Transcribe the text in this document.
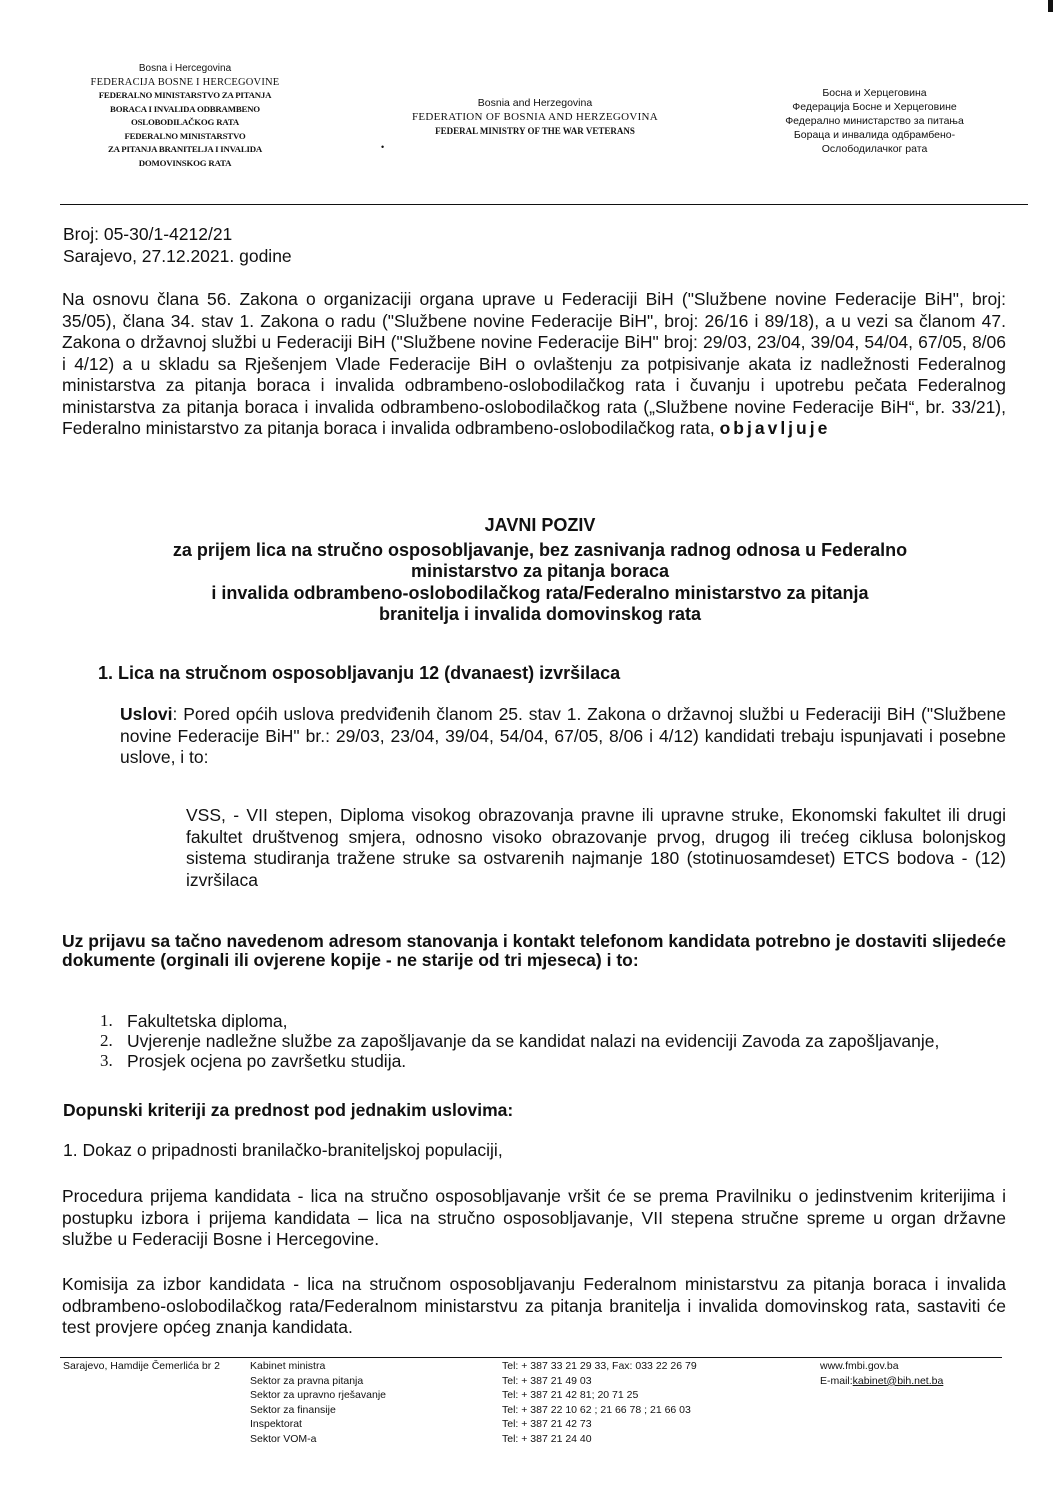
Bosna i Hercegovina
FEDERACIJA BOSNE I HERCEGOVINE
FEDERALNO MINISTARSTVO ZA PITANJA
BORACA I INVALIDA ODBRAMBENO
OSLOBODILAČKOG RATA
FEDERALNO MINISTARSTVO
ZA PITANJA BRANITELJA I INVALIDA
DOMOVINSKOG RATA
Bosnia and Herzegovina
FEDERATION OF BOSNIA AND HERZEGOVINA
FEDERAL MINISTRY OF THE WAR VETERANS
•
Босна и Херцеговина
Федерација Босне и Херцеговине
Федерално министарство за питања
Бораца и инвалида одбрамбено-
Ослободилачког рата
Broj: 05-30/1-4212/21
Sarajevo, 27.12.2021. godine
Na osnovu člana 56. Zakona o organizaciji organa uprave u Federaciji BiH ("Službene novine Federacije BiH", broj: 35/05), člana 34. stav 1. Zakona o radu ("Službene novine Federacije BiH", broj: 26/16 i 89/18), a u vezi sa članom 47. Zakona o državnoj službi u Federaciji BiH ("Službene novine Federacije BiH" broj: 29/03, 23/04, 39/04, 54/04, 67/05, 8/06 i 4/12) a u skladu sa Rješenjem Vlade Federacije BiH o ovlaštenju za potpisivanje akata iz nadležnosti Federalnog ministarstva za pitanja boraca i invalida odbrambeno-oslobodilačkog rata i čuvanju i upotrebu pečata Federalnog ministarstva za pitanja boraca i invalida odbrambeno-oslobodilačkog rata („Službene novine Federacije BiH“, br. 33/21), Federalno ministarstvo za pitanja boraca i invalida odbrambeno-oslobodilačkog rata, objavljuje
JAVNI POZIV
za prijem lica na stručno osposobljavanje, bez zasnivanja radnog odnosa u Federalno
ministarstvo za pitanja boraca
i invalida odbrambeno-oslobodilačkog rata/Federalno ministarstvo za pitanja
branitelja i invalida domovinskog rata
1. Lica na stručnom osposobljavanju 12 (dvanaest) izvršilaca
Uslovi: Pored općih uslova predviđenih članom 25. stav 1. Zakona o državnoj službi u Federaciji BiH ("Službene novine Federacije BiH" br.: 29/03, 23/04, 39/04, 54/04, 67/05, 8/06 i 4/12) kandidati trebaju ispunjavati i posebne uslove, i to:
VSS, - VII stepen, Diploma visokog obrazovanja pravne ili upravne struke, Ekonomski fakultet ili drugi fakultet društvenog smjera, odnosno visoko obrazovanje prvog, drugog ili trećeg ciklusa bolonjskog sistema studiranja tražene struke sa ostvarenih najmanje 180 (stotinuosamdeset) ETCS bodova - (12) izvršilaca
Uz prijavu sa tačno navedenom adresom stanovanja i kontakt telefonom kandidata potrebno je dostaviti slijedeće dokumente (orginali ili ovjerene kopije - ne starije od tri mjeseca) i to:
1. Fakultetska diploma,
2. Uvjerenje nadležne službe za zapošljavanje da se kandidat nalazi na evidenciji Zavoda za zapošljavanje,
3. Prosjek ocjena po završetku studija.
Dopunski kriteriji za prednost pod jednakim uslovima:
1. Dokaz o pripadnosti branilačko-braniteljskoj populaciji,
Procedura prijema kandidata - lica na stručno osposobljavanje vršit će se prema Pravilniku o jedinstvenim kriterijima i postupku izbora i prijema kandidata – lica na stručno osposobljavanje, VII stepena stručne spreme u organ državne službe u Federaciji Bosne i Hercegovine.
Komisija za izbor kandidata - lica na stručnom osposobljavanju Federalnom ministarstvu za pitanja boraca i invalida odbrambeno-oslobodilačkog rata/Federalnom ministarstvu za pitanja branitelja i invalida domovinskog rata, sastaviti će test provjere općeg znanja kandidata.
Sarajevo, Hamdije Čemerlića br 2	Kabinet ministra
Sektor za pravna pitanja
Sektor za upravno rješavanje
Sektor za finansije
Inspektorat
Sektor VOM-a
Tel: + 387 33 21 29 33, Fax: 033 22 26 79
Tel: + 387 21 49 03
Tel: + 387 21 42 81; 20 71 25
Tel: + 387 22 10 62 ; 21 66 78 ; 21 66 03
Tel: + 387 21 42 73
Tel: + 387 21 24 40
www.fmbi.gov.ba
E-mail:kabinet@bih.net.ba
